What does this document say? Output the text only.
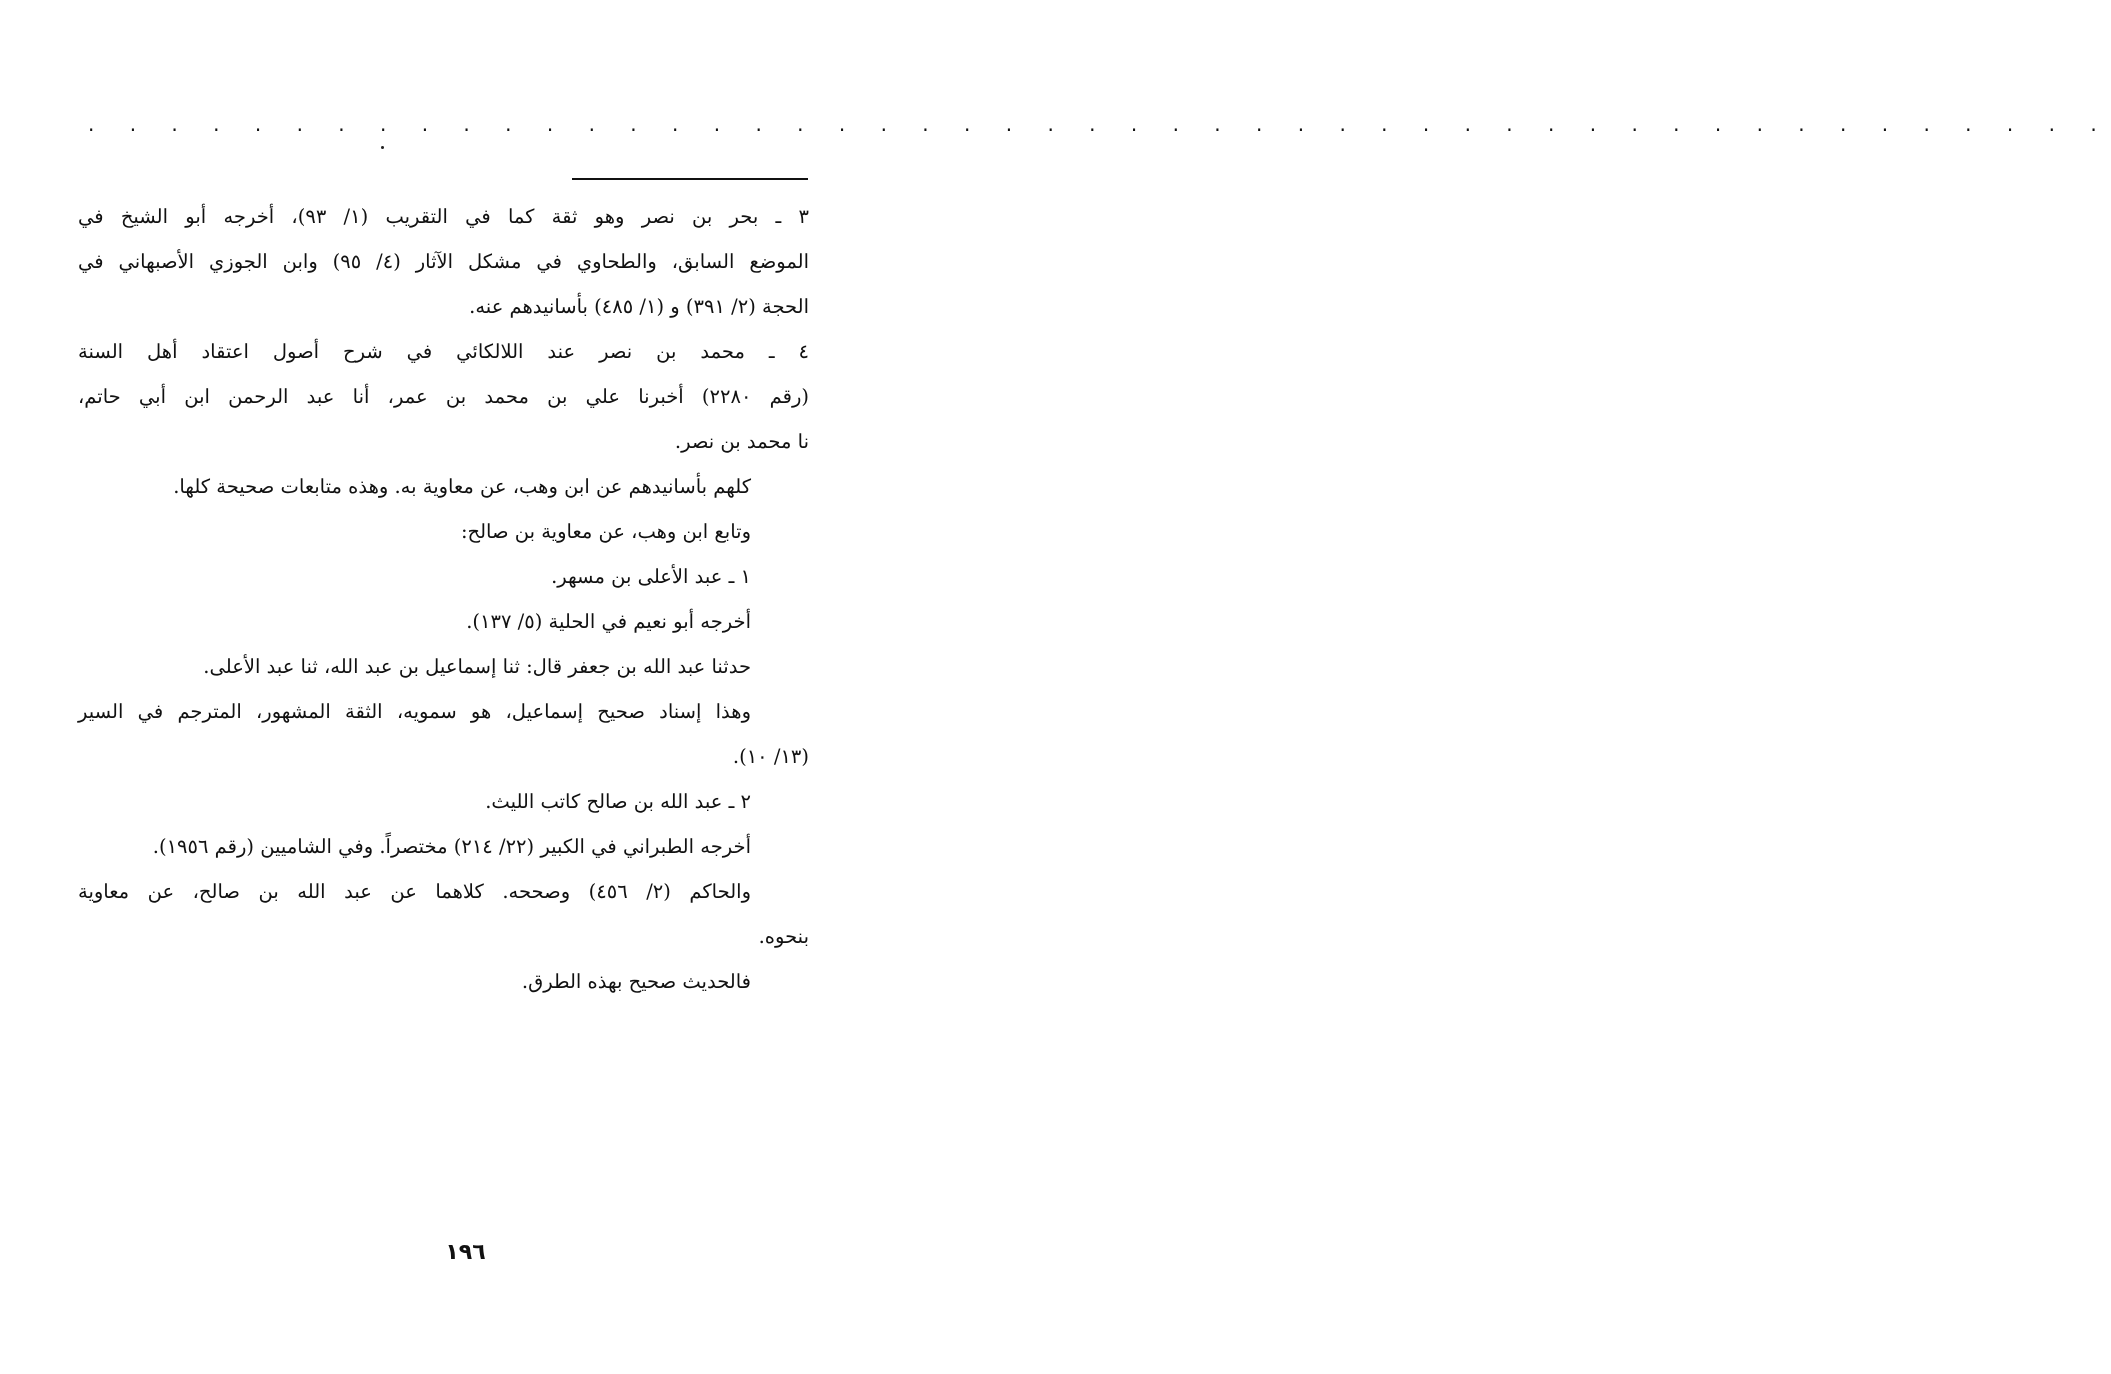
. . . . . . . . . . . . . . . . . . . . . . . . . . . . . . . . . . . . . . . . . . . . . . . . .
٣ ـ بحر بن نصر وهو ثقة كما في التقريب (١/ ٩٣)، أخرجه أبو الشيخ في
الموضع السابق، والطحاوي في مشكل الآثار (٤/ ٩٥) وابن الجوزي الأصبهاني في
الحجة (٢/ ٣٩١) و (١/ ٤٨٥) بأسانيدهم عنه.
٤ ـ محمد بن نصر عند اللالكائي في شرح أصول اعتقاد أهل السنة
(رقم ٢٢٨٠) أخبرنا علي بن محمد بن عمر، أنا عبد الرحمن ابن أبي حاتم،
نا محمد بن نصر.
كلهم بأسانيدهم عن ابن وهب، عن معاوية به. وهذه متابعات صحيحة كلها.
وتابع ابن وهب، عن معاوية بن صالح:
١ ـ عبد الأعلى بن مسهر.
أخرجه أبو نعيم في الحلية (٥/ ١٣٧).
حدثنا عبد الله بن جعفر قال: ثنا إسماعيل بن عبد الله، ثنا عبد الأعلى.
وهذا إسناد صحيح إسماعيل، هو سمويه، الثقة المشهور، المترجم في السير
(١٣/ ١٠).
٢ ـ عبد الله بن صالح كاتب الليث.
أخرجه الطبراني في الكبير (٢٢/ ٢١٤) مختصراً. وفي الشاميين (رقم ١٩٥٦).
والحاكم (٢/ ٤٥٦) وصححه. كلاهما عن عبد الله بن صالح، عن معاوية
بنحوه.
فالحديث صحيح بهذه الطرق.
١٩٦
